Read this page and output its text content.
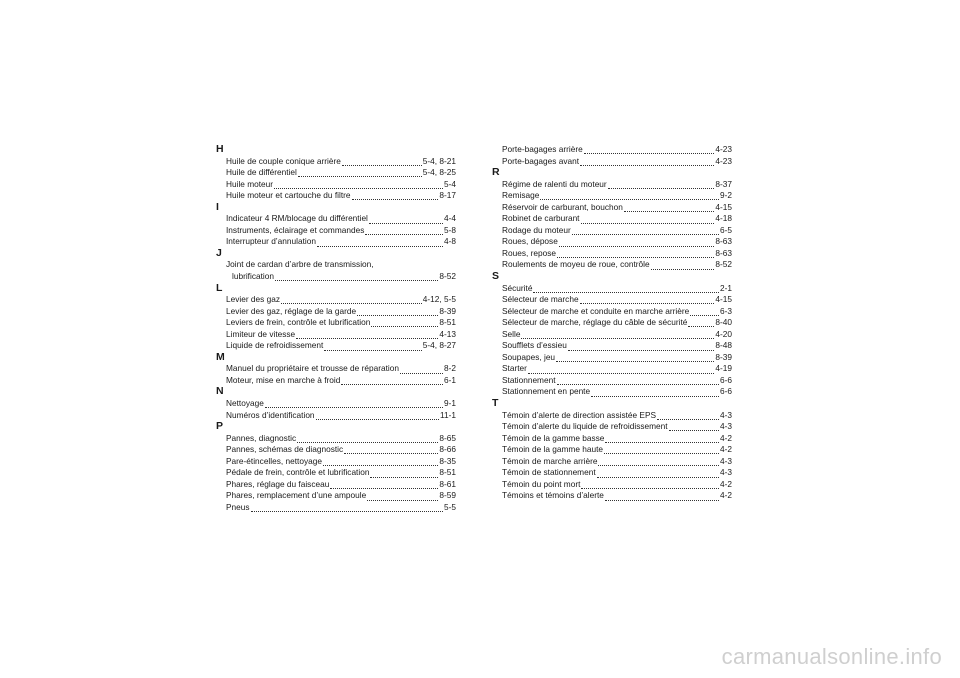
H
Huile de couple conique arrière	5-4, 8-21
Huile de différentiel	5-4, 8-25
Huile moteur	5-4
Huile moteur et cartouche du filtre	8-17
I
Indicateur 4 RM/blocage du différentiel	4-4
Instruments, éclairage et commandes	5-8
Interrupteur d’annulation	4-8
J
Joint de cardan d’arbre de transmission,
lubrification	8-52
L
Levier des gaz	4-12, 5-5
Levier des gaz, réglage de la garde	8-39
Leviers de frein, contrôle et lubrification	8-51
Limiteur de vitesse	4-13
Liquide de refroidissement	5-4, 8-27
M
Manuel du propriétaire et trousse de réparation	8-2
Moteur, mise en marche à froid	6-1
N
Nettoyage	9-1
Numéros d’identification	11-1
P
Pannes, diagnostic	8-65
Pannes, schémas de diagnostic	8-66
Pare-étincelles, nettoyage	8-35
Pédale de frein, contrôle et lubrification	8-51
Phares, réglage du faisceau	8-61
Phares, remplacement d’une ampoule	8-59
Pneus	5-5
Porte-bagages arrière	4-23
Porte-bagages avant	4-23
R
Régime de ralenti du moteur	8-37
Remisage	9-2
Réservoir de carburant, bouchon	4-15
Robinet de carburant	4-18
Rodage du moteur	6-5
Roues, dépose	8-63
Roues, repose	8-63
Roulements de moyeu de roue, contrôle	8-52
S
Sécurité	2-1
Sélecteur de marche	4-15
Sélecteur de marche et conduite en marche arrière	6-3
Sélecteur de marche, réglage du câble de sécurité	8-40
Selle	4-20
Soufflets d’essieu	8-48
Soupapes, jeu	8-39
Starter	4-19
Stationnement	6-6
Stationnement en pente	6-6
T
Témoin d’alerte de direction assistée EPS	4-3
Témoin d’alerte du liquide de refroidissement	4-3
Témoin de la gamme basse	4-2
Témoin de la gamme haute	4-2
Témoin de marche arrière	4-3
Témoin de stationnement	4-3
Témoin du point mort	4-2
Témoins et témoins d’alerte	4-2
carmanualsonline.info
